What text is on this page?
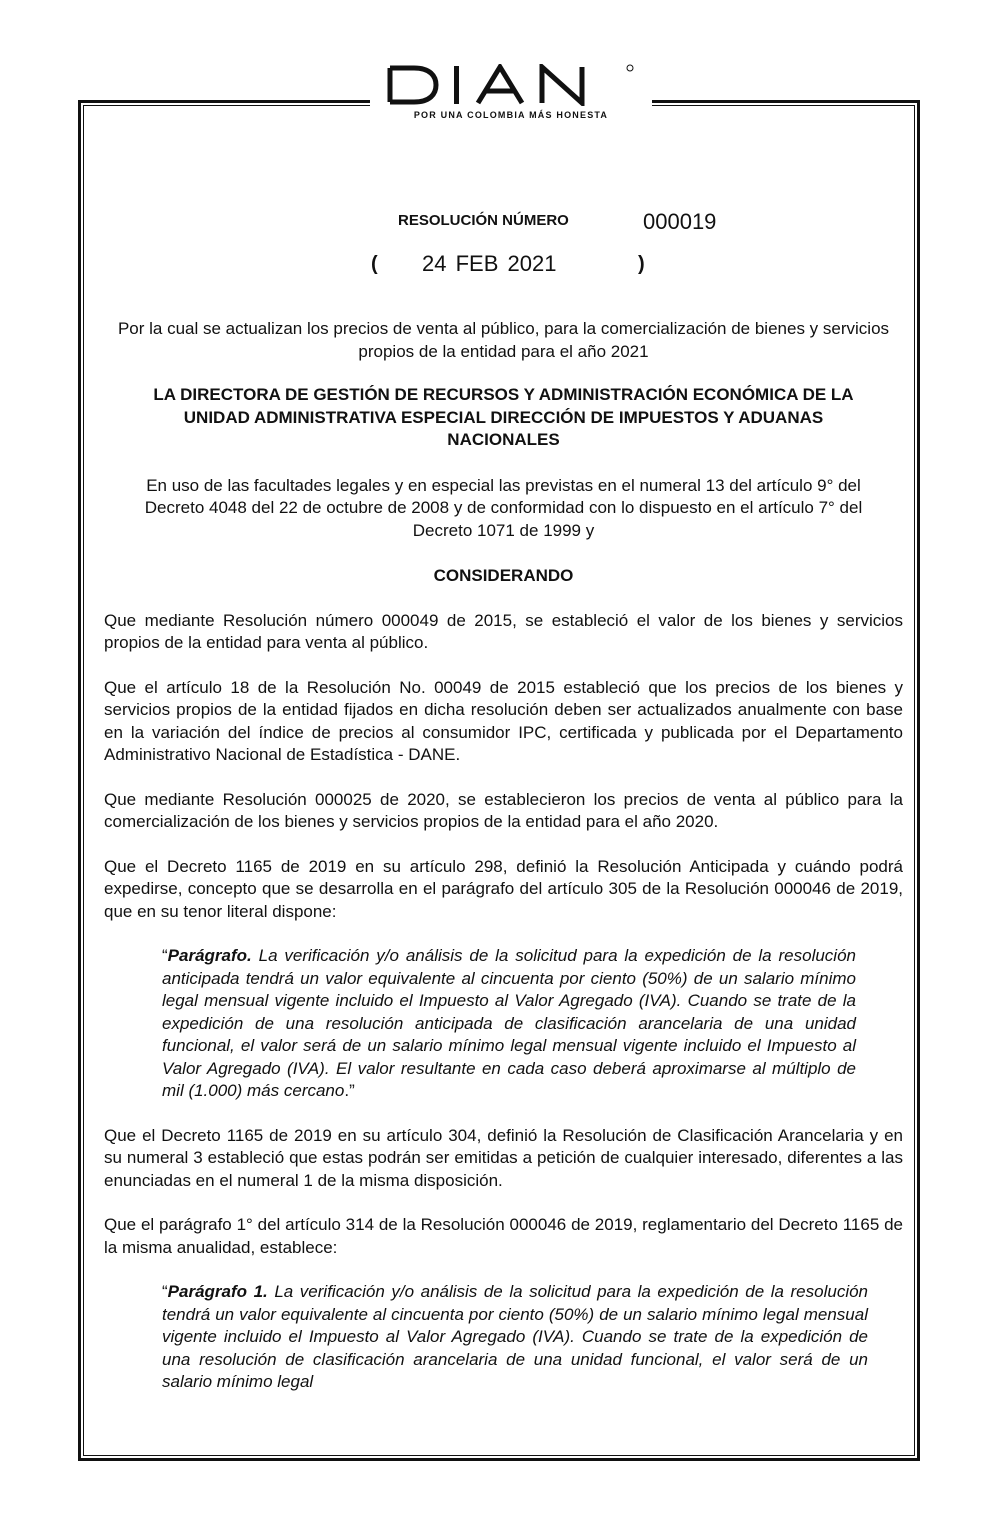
POR UNA COLOMBIA MÁS HONESTA
RESOLUCIÓN NÚMERO	000019
( 24 FEB 2021	)

Por la cual se actualizan los precios de venta al público, para la comercialización de bienes y servicios propios de la entidad para el año 2021

LA DIRECTORA DE GESTIÓN DE RECURSOS Y ADMINISTRACIÓN ECONÓMICA DE LA UNIDAD ADMINISTRATIVA ESPECIAL DIRECCIÓN DE IMPUESTOS Y ADUANAS NACIONALES

En uso de las facultades legales y en especial las previstas en el numeral 13 del artículo 9° del Decreto 4048 del 22 de octubre de 2008 y de conformidad con lo dispuesto en el artículo 7° del Decreto 1071 de 1999 y

CONSIDERANDO

Que mediante Resolución número 000049 de 2015, se estableció el valor de los bienes y servicios propios de la entidad para venta al público.

Que el artículo 18 de la Resolución No. 00049 de 2015 estableció que los precios de los bienes y servicios propios de la entidad fijados en dicha resolución deben ser actualizados anualmente con base en la variación del índice de precios al consumidor IPC, certificada y publicada por el Departamento Administrativo Nacional de Estadística - DANE.

Que mediante Resolución 000025 de 2020, se establecieron los precios de venta al público para la comercialización de los bienes y servicios propios de la entidad para el año 2020.

Que el Decreto 1165 de 2019 en su artículo 298, definió la Resolución Anticipada y cuándo podrá expedirse, concepto que se desarrolla en el parágrafo del artículo 305 de la Resolución 000046 de 2019, que en su tenor literal dispone:

“Parágrafo. La verificación y/o análisis de la solicitud para la expedición de la resolución anticipada tendrá un valor equivalente al cincuenta por ciento (50%) de un salario mínimo legal mensual vigente incluido el Impuesto al Valor Agregado (IVA). Cuando se trate de la expedición de una resolución anticipada de clasificación arancelaria de una unidad funcional, el valor será de un salario mínimo legal mensual vigente incluido el Impuesto al Valor Agregado (IVA). El valor resultante en cada caso deberá aproximarse al múltiplo de mil (1.000) más cercano.”

Que el Decreto 1165 de 2019 en su artículo 304, definió la Resolución de Clasificación Arancelaria y en su numeral 3 estableció que estas podrán ser emitidas a petición de cualquier interesado, diferentes a las enunciadas en el numeral 1 de la misma disposición.

Que el parágrafo 1° del artículo 314 de la Resolución 000046 de 2019, reglamentario del Decreto 1165 de la misma anualidad, establece:

“Parágrafo 1. La verificación y/o análisis de la solicitud para la expedición de la resolución tendrá un valor equivalente al cincuenta por ciento (50%) de un salario mínimo legal mensual vigente incluido el Impuesto al Valor Agregado (IVA). Cuando se trate de la expedición de una resolución de clasificación arancelaria de una unidad funcional, el valor será de un salario mínimo legal
